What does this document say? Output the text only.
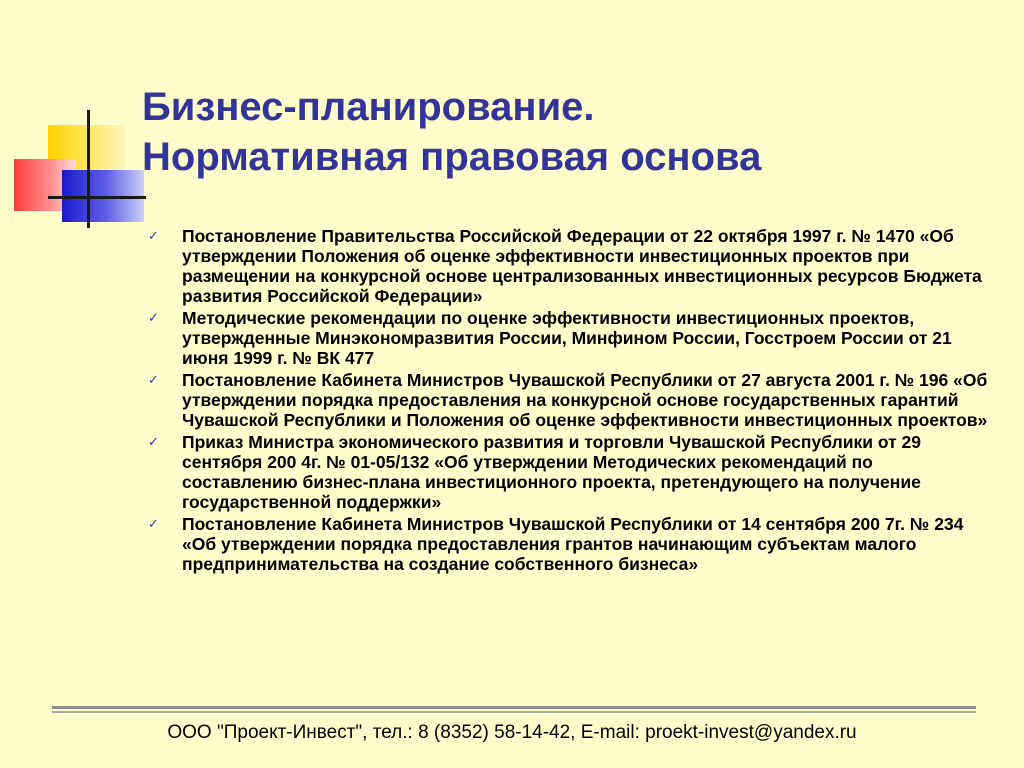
Бизнес-планирование.
Нормативная правовая основа
✓ Постановление Правительства Российской Федерации от 22 октября 1997 г. № 1470 «Об утверждении Положения об оценке эффективности инвестиционных проектов при размещении на конкурсной основе централизованных инвестиционных ресурсов Бюджета развития Российской Федерации»
✓ Методические рекомендации по оценке эффективности инвестиционных проектов, утвержденные Минэкономразвития России, Минфином России, Госстроем России от 21 июня 1999 г. № ВК 477
✓ Постановление Кабинета Министров Чувашской Республики от 27 августа 2001 г. № 196 «Об утверждении порядка предоставления на конкурсной основе государственных гарантий Чувашской Республики и Положения об оценке эффективности инвестиционных проектов»
✓ Приказ Министра экономического развития и торговли Чувашской Республики от 29 сентября 200 4г. № 01-05/132 «Об утверждении Методических рекомендаций по составлению бизнес-плана инвестиционного проекта, претендующего на получение государственной поддержки»
✓ Постановление Кабинета Министров Чувашской Республики от 14 сентября 200 7г. № 234 «Об утверждении порядка предоставления грантов начинающим субъектам малого предпринимательства на создание собственного бизнеса»

ООО "Проект-Инвест", тел.: 8 (8352) 58-14-42, E-mail: proekt-invest@yandex.ru
